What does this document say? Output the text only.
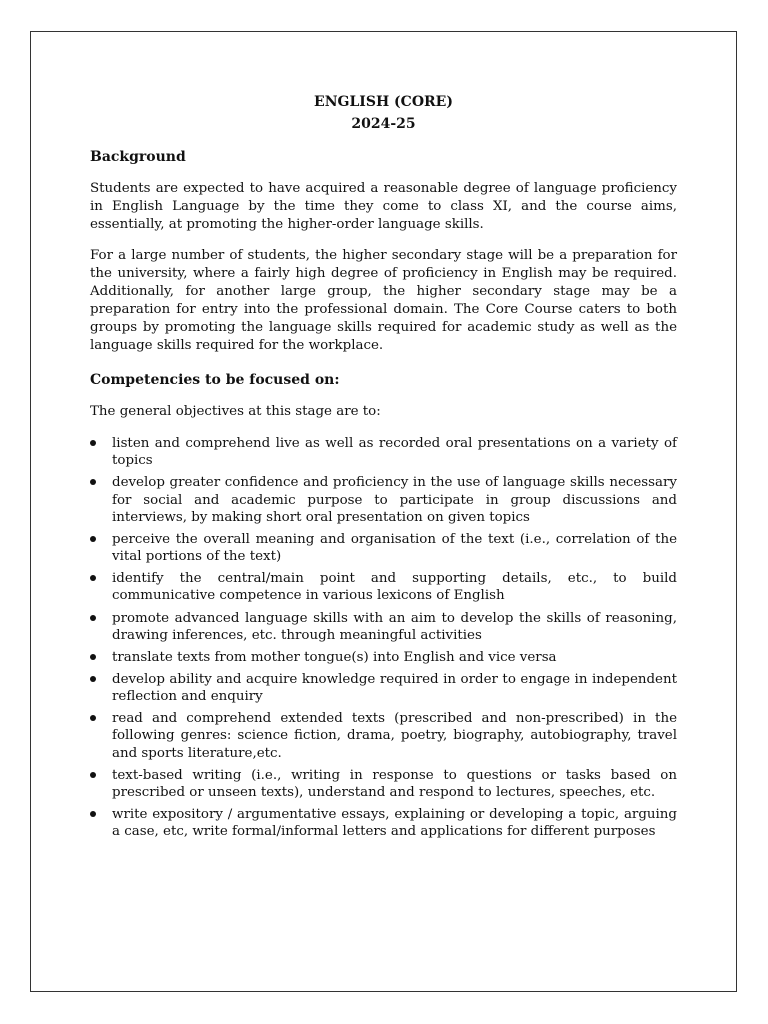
ENGLISH (CORE)
2024-25
Background

Students are expected to have acquired a reasonable degree of language proficiency in English Language by the time they come to class XI, and the course aims, essentially, at promoting the higher-order language skills.

For a large number of students, the higher secondary stage will be a preparation for the university, where a fairly high degree of proficiency in English may be required. Additionally, for another large group, the higher secondary stage may be a preparation for entry into the professional domain. The Core Course caters to both groups by promoting the language skills required for academic study as well as the language skills required for the workplace.

Competencies to be focused on:

The general objectives at this stage are to:

listen and comprehend live as well as recorded oral presentations on a variety of topics
develop greater confidence and proficiency in the use of language skills necessary for social and academic purpose to participate in group discussions and interviews, by making short oral presentation on given topics
perceive the overall meaning and organisation of the text (i.e., correlation of the vital portions of the text)
identify the central/main point and supporting details, etc., to build communicative competence in various lexicons of English
promote advanced language skills with an aim to develop the skills of reasoning, drawing inferences, etc. through meaningful activities
translate texts from mother tongue(s) into English and vice versa
develop ability and acquire knowledge required in order to engage in independent reflection and enquiry
read and comprehend extended texts (prescribed and non-prescribed) in the following genres: science fiction, drama, poetry, biography, autobiography, travel and sports literature,etc.
text-based writing (i.e., writing in response to questions or tasks based on prescribed or unseen texts), understand and respond to lectures, speeches, etc.
write expository / argumentative essays, explaining or developing a topic, arguing a case, etc, write formal/informal letters and applications for different purposes
